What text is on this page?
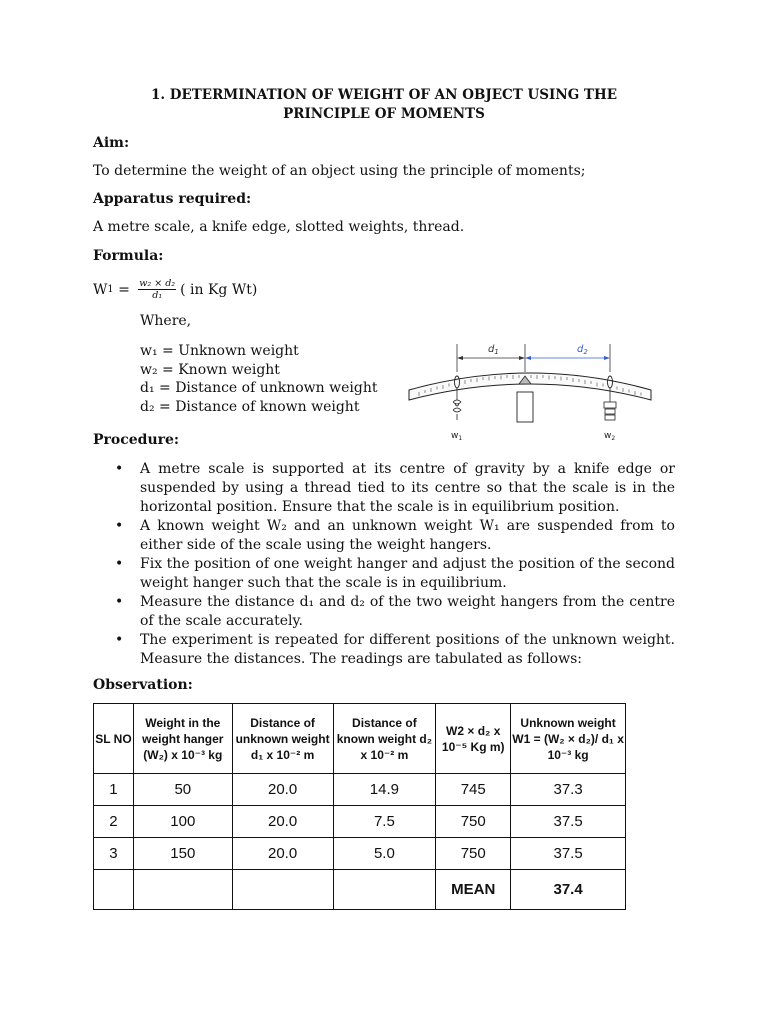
1. DETERMINATION OF WEIGHT OF AN OBJECT USING THE PRINCIPLE OF MOMENTS
Aim:
To determine the weight of an object using the principle of moments;
Apparatus required:
A metre scale, a knife edge, slotted weights, thread.
Formula:
W $1 = \frac{\text{w₂ × d₂}}{\text{d₁}}$ ( in Kg Wt)
Where,
w₁ = Unknown weight
w₂ = Known weight
d₁ = Distance of unknown weight
d₂ = Distance of known weight
$d_1$	$d_2$
$w_1$	$w_2$
Procedure:
• A metre scale is supported at its centre of gravity by a knife edge or suspended by using a thread tied to its centre so that the scale is in the horizontal position. Ensure that the scale is in equilibrium position.
• A known weight W₂ and an unknown weight W₁ are suspended from to either side of the scale using the weight hangers.
• Fix the position of one weight hanger and adjust the position of the second weight hanger such that the scale is in equilibrium.
• Measure the distance d₁ and d₂ of the two weight hangers from the centre of the scale accurately.
• The experiment is repeated for different positions of the unknown weight. Measure the distances. The readings are tabulated as follows:
Observation:
SL NO	Weight in the weight hanger (W₂) x 10⁻³ kg	Distance of unknown weight d₁ x 10⁻² m	Distance of known weight d₂ x 10⁻² m	W2 × d₂ x 10⁻⁵ Kg m)	Unknown weight W1 = (W₂ × d₂)/ d₁ x 10⁻³ kg
1	50	20.0	14.9	745	37.3
2	100	20.0	7.5	750	37.5
3	150	20.0	5.0	750	37.5
				MEAN	37.4
